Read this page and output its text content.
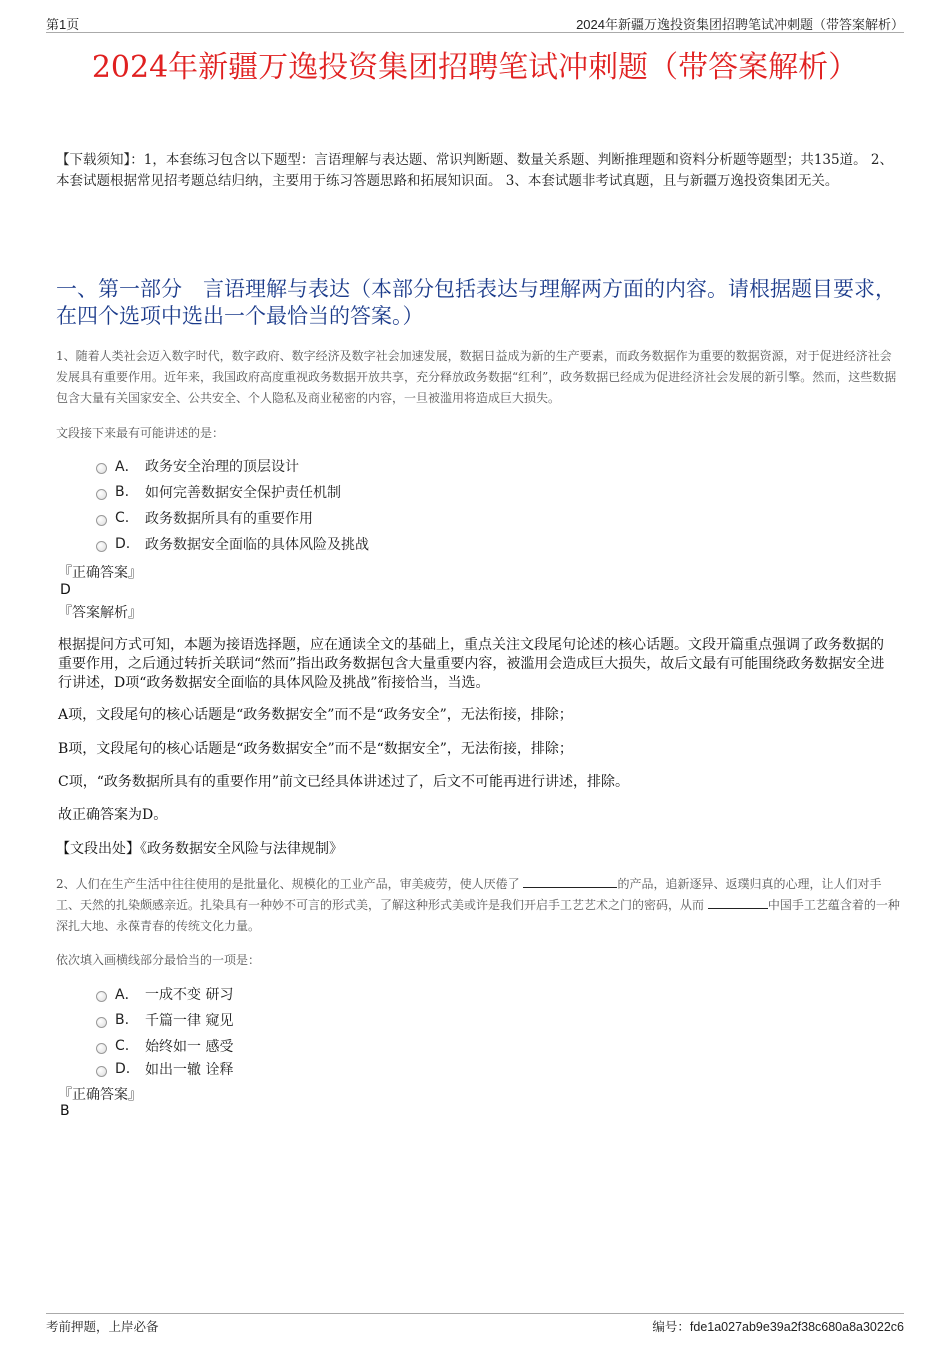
第1页	2024年新疆万逸投资集团招聘笔试冲刺题（带答案解析）
2024年新疆万逸投资集团招聘笔试冲刺题（带答案解析）
【下载须知】：1，本套练习包含以下题型：言语理解与表达题、常识判断题、数量关系题、判断推理题和资料分析题等题型；共135道。 2、本套试题根据常见招考题总结归纳，主要用于练习答题思路和拓展知识面。 3、本套试题非考试真题，且与新疆万逸投资集团无关。
一、第一部分　言语理解与表达（本部分包括表达与理解两方面的内容。请根据题目要求，在四个选项中选出一个最恰当的答案。）
1、随着人类社会迈入数字时代，数字政府、数字经济及数字社会加速发展，数据日益成为新的生产要素，而政务数据作为重要的数据资源，对于促进经济社会发展具有重要作用。近年来，我国政府高度重视政务数据开放共享，充分释放政务数据“红利”，政务数据已经成为促进经济社会发展的新引擎。然而，这些数据包含大量有关国家安全、公共安全、个人隐私及商业秘密的内容，一旦被滥用将造成巨大损失。
文段接下来最有可能讲述的是：
A． 政务安全治理的顶层设计
B.	如何完善数据安全保护责任机制
C.	政务数据所具有的重要作用
D.	政务数据安全面临的具体风险及挑战
『正确答案』
D
『答案解析』
根据提问方式可知，本题为接语选择题，应在通读全文的基础上，重点关注文段尾句论述的核心话题。文段开篇重点强调了政务数据的重要作用，之后通过转折关联词“然而”指出政务数据包含大量重要内容，被滥用会造成巨大损失，故后文最有可能围绕政务数据安全进行讲述，D项“政务数据安全面临的具体风险及挑战”衔接恰当，当选。
A项，文段尾句的核心话题是“政务数据安全”而不是“政务安全”，无法衔接，排除；
B项，文段尾句的核心话题是“政务数据安全”而不是“数据安全”，无法衔接，排除；
C项，“政务数据所具有的重要作用”前文已经具体讲述过了，后文不可能再进行讲述，排除。
故正确答案为D。
【文段出处】《政务数据安全风险与法律规制》
2、人们在生产生活中往往使用的是批量化、规模化的工业产品，审美疲劳，使人厌倦了	的产品，追新逐异、返璞归真的心理，让人们对手工、天然的扎染颇感亲近。扎染具有一种妙不可言的形式美，了解这种形式美或许是我们开启手工艺艺术之门的密码，从而	中国手工艺蕴含着的一种深扎大地、永葆青春的传统文化力量。
依次填入画横线部分最恰当的一项是：
A． 一成不变 研习
B.	千篇一律 窥见
C.	始终如一 感受
D.	如出一辙 诠释
『正确答案』
B
考前押题，上岸必备	编号：fde1a027ab9e39a2f38c680a8a3022c6
